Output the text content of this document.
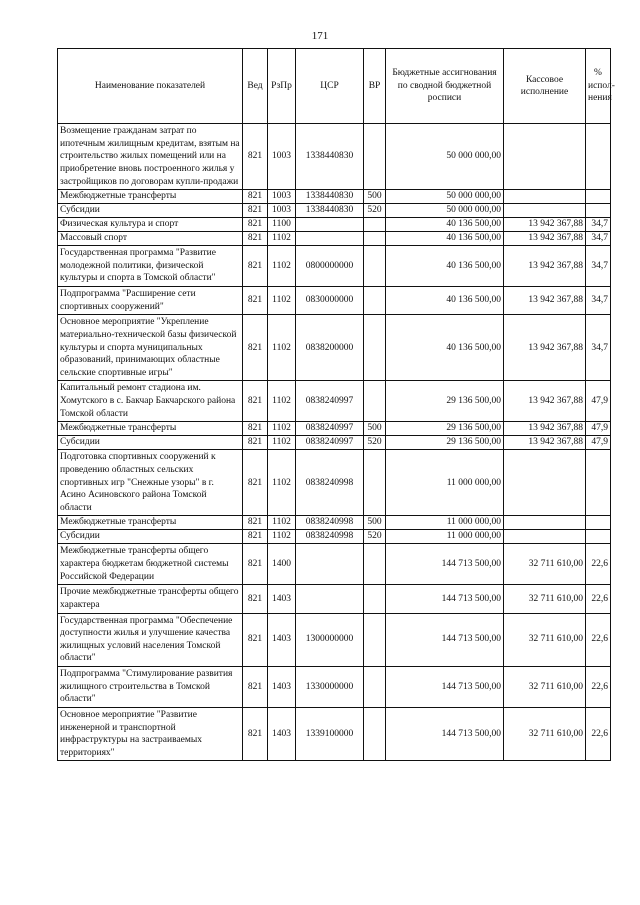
171
Наименование показателей	Вед	РзПр	ЦСР	ВР	Бюджетные ассигнования по сводной бюджетной росписи	Кассовое исполнение	% испол-нения
Возмещение гражданам затрат по ипотечным жилищным кредитам, взятым на строительство жилых помещений или на приобретение вновь построенного жилья у застройщиков по договорам купли-продажи	821	1003	1338440830		50 000 000,00		
Межбюджетные трансферты	821	1003	1338440830	500	50 000 000,00		
Субсидии	821	1003	1338440830	520	50 000 000,00		
Физическая культура и спорт	821	1100			40 136 500,00	13 942 367,88	34,7
Массовый спорт	821	1102			40 136 500,00	13 942 367,88	34,7
Государственная программа "Развитие молодежной политики, физической культуры и спорта в Томской области"	821	1102	0800000000		40 136 500,00	13 942 367,88	34,7
Подпрограмма "Расширение сети спортивных сооружений"	821	1102	0830000000		40 136 500,00	13 942 367,88	34,7
Основное мероприятие "Укрепление материально-технической базы физической культуры и спорта муниципальных образований, принимающих областные сельские спортивные игры"	821	1102	0838200000		40 136 500,00	13 942 367,88	34,7
Капитальный ремонт стадиона им. Хомутского в с. Бакчар Бакчарского района Томской области	821	1102	0838240997		29 136 500,00	13 942 367,88	47,9
Межбюджетные трансферты	821	1102	0838240997	500	29 136 500,00	13 942 367,88	47,9
Субсидии	821	1102	0838240997	520	29 136 500,00	13 942 367,88	47,9
Подготовка спортивных сооружений к проведению областных сельских спортивных игр "Снежные узоры" в г. Асино Асиновского района Томской области	821	1102	0838240998		11 000 000,00		
Межбюджетные трансферты	821	1102	0838240998	500	11 000 000,00		
Субсидии	821	1102	0838240998	520	11 000 000,00		
Межбюджетные трансферты общего характера бюджетам бюджетной системы Российской Федерации	821	1400			144 713 500,00	32 711 610,00	22,6
Прочие межбюджетные трансферты общего характера	821	1403			144 713 500,00	32 711 610,00	22,6
Государственная программа "Обеспечение доступности жилья и улучшение качества жилищных условий населения Томской области"	821	1403	1300000000		144 713 500,00	32 711 610,00	22,6
Подпрограмма "Стимулирование развития жилищного строительства в Томской области"	821	1403	1330000000		144 713 500,00	32 711 610,00	22,6
Основное мероприятие "Развитие инженерной и транспортной инфраструктуры на застраиваемых территориях"	821	1403	1339100000		144 713 500,00	32 711 610,00	22,6
